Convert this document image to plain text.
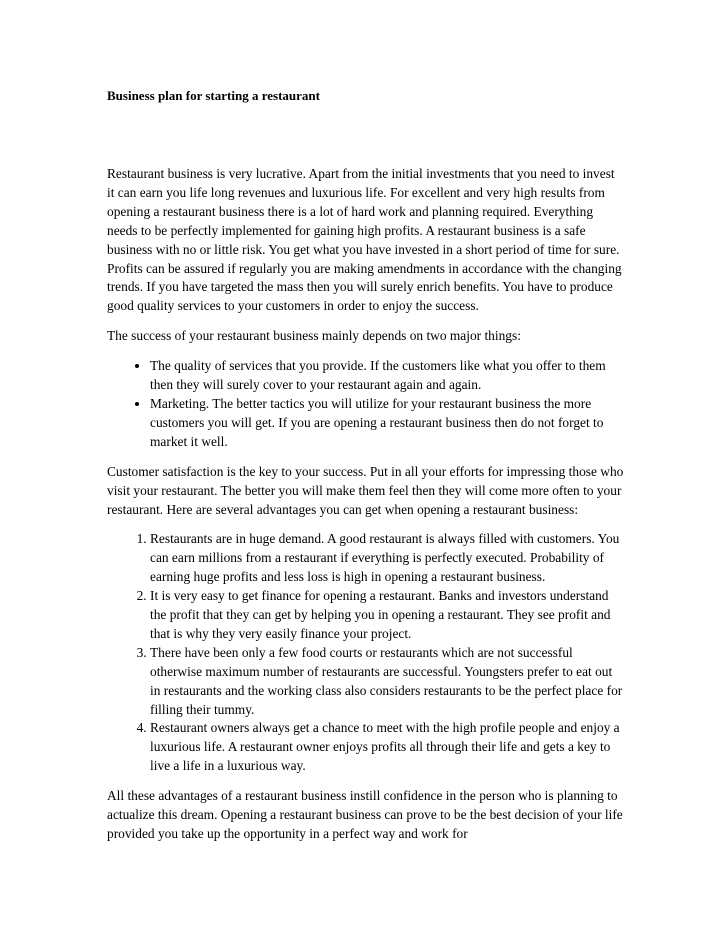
Business plan for starting a restaurant

Restaurant business is very lucrative. Apart from the initial investments that you need to invest it can earn you life long revenues and luxurious life. For excellent and very high results from opening a restaurant business there is a lot of hard work and planning required. Everything needs to be perfectly implemented for gaining high profits. A restaurant business is a safe business with no or little risk. You get what you have invested in a short period of time for sure. Profits can be assured if regularly you are making amendments in accordance with the changing trends. If you have targeted the mass then you will surely enrich benefits. You have to produce good quality services to your customers in order to enjoy the success.

The success of your restaurant business mainly depends on two major things:

• The quality of services that you provide. If the customers like what you offer to them then they will surely cover to your restaurant again and again.
• Marketing. The better tactics you will utilize for your restaurant business the more customers you will get. If you are opening a restaurant business then do not forget to market it well.

Customer satisfaction is the key to your success. Put in all your efforts for impressing those who visit your restaurant. The better you will make them feel then they will come more often to your restaurant. Here are several advantages you can get when opening a restaurant business:

1. Restaurants are in huge demand. A good restaurant is always filled with customers. You can earn millions from a restaurant if everything is perfectly executed. Probability of earning huge profits and less loss is high in opening a restaurant business.
2. It is very easy to get finance for opening a restaurant. Banks and investors understand the profit that they can get by helping you in opening a restaurant. They see profit and that is why they very easily finance your project.
3. There have been only a few food courts or restaurants which are not successful otherwise maximum number of restaurants are successful. Youngsters prefer to eat out in restaurants and the working class also considers restaurants to be the perfect place for filling their tummy.
4. Restaurant owners always get a chance to meet with the high profile people and enjoy a luxurious life. A restaurant owner enjoys profits all through their life and gets a key to live a life in a luxurious way.

All these advantages of a restaurant business instill confidence in the person who is planning to actualize this dream. Opening a restaurant business can prove to be the best decision of your life provided you take up the opportunity in a perfect way and work for
